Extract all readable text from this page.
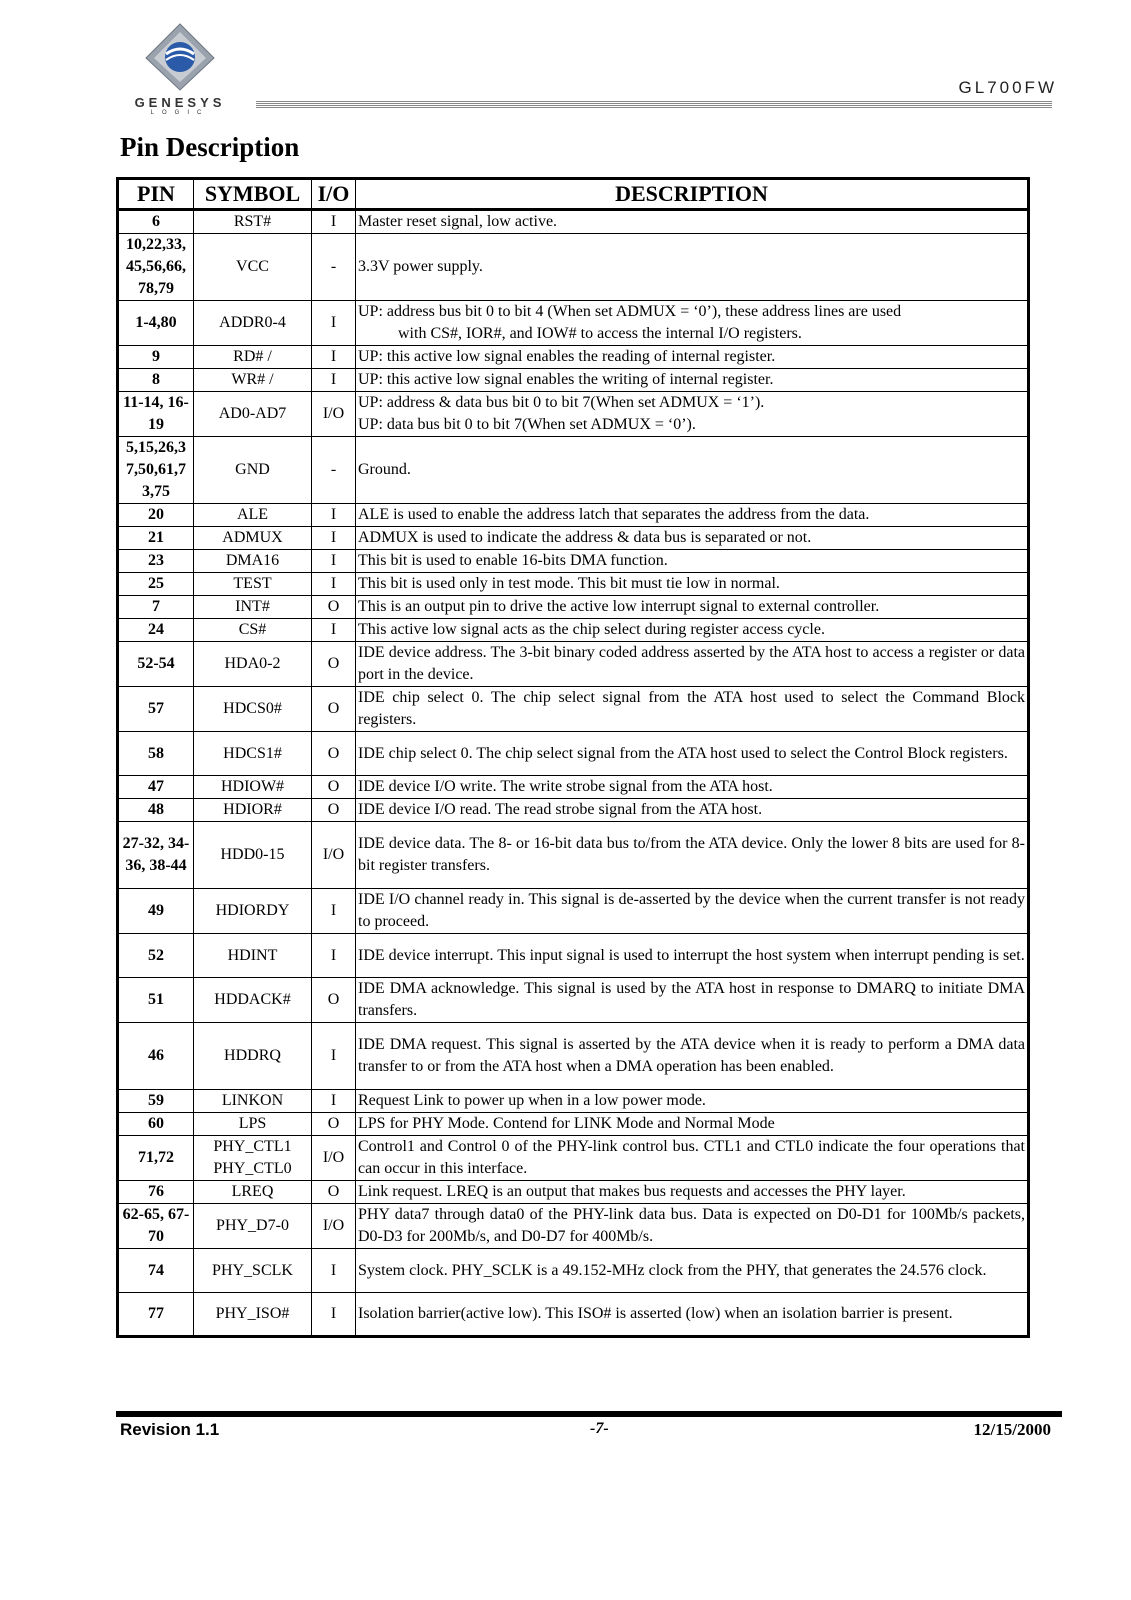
GENESYS
LOGIC
GL700FW
Pin Description
PIN	SYMBOL	I/O	DESCRIPTION
6	RST#	I	Master reset signal, low active.
10,22,33, 45,56,66, 78,79	VCC	-	3.3V power supply.
1-4,80	ADDR0-4	I	UP: address bus bit 0 to bit 4 (When set ADMUX = ‘0’), these address lines are used
with CS#, IOR#, and IOW# to access the internal I/O registers.

9	RD# /	I	UP: this active low signal enables the reading of internal register.
8	WR# /	I	UP: this active low signal enables the writing of internal register.
11-14, 16-19	AD0-AD7	I/O	UP: address & data bus bit 0 to bit 7(When set ADMUX = ‘1’).
UP: data bus bit 0 to bit 7(When set ADMUX = ‘0’).

5,15,26,3 7,50,61,7 3,75	GND	-	Ground.
20	ALE	I	ALE is used to enable the address latch that separates the address from the data.
21	ADMUX	I	ADMUX is used to indicate the address & data bus is separated or not.
23	DMA16	I	This bit is used to enable 16-bits DMA function.
25	TEST	I	This bit is used only in test mode. This bit must tie low in normal.
7	INT#	O	This is an output pin to drive the active low interrupt signal to external controller.
24	CS#	I	This active low signal acts as the chip select during register access cycle.
52-54	HDA0-2	O	IDE device address. The 3-bit binary coded address asserted by the ATA host to access a register or data port in the device.
57	HDCS0#	O	IDE chip select 0. The chip select signal from the ATA host used to select the Command Block registers.
58	HDCS1#	O	IDE chip select 0. The chip select signal from the ATA host used to select the Control Block registers.
47	HDIOW#	O	IDE device I/O write. The write strobe signal from the ATA host.
48	HDIOR#	O	IDE device I/O read. The read strobe signal from the ATA host.
27-32, 34-36, 38-44	HDD0-15	I/O	IDE device data. The 8- or 16-bit data bus to/from the ATA device. Only the lower 8 bits are used for 8-bit register transfers.
49	HDIORDY	I	IDE I/O channel ready in. This signal is de-asserted by the device when the current transfer is not ready to proceed.
52	HDINT	I	IDE device interrupt. This input signal is used to interrupt the host system when interrupt pending is set.
51	HDDACK#	O	IDE DMA acknowledge. This signal is used by the ATA host in response to DMARQ to initiate DMA transfers.
46	HDDRQ	I	IDE DMA request. This signal is asserted by the ATA device when it is ready to perform a DMA data transfer to or from the ATA host when a DMA operation has been enabled.
59	LINKON	I	Request Link to power up when in a low power mode.
60	LPS	O	LPS for PHY Mode. Contend for LINK Mode and Normal Mode
71,72	PHY_CTL1
PHY_CTL0	I/O	Control1 and Control 0 of the PHY-link control bus. CTL1 and CTL0 indicate the four operations that can occur in this interface.
76	LREQ	O	Link request. LREQ is an output that makes bus requests and accesses the PHY layer.
62-65, 67-70	PHY_D7-0	I/O	PHY data7 through data0 of the PHY-link data bus. Data is expected on D0-D1 for 100Mb/s packets, D0-D3 for 200Mb/s, and D0-D7 for 400Mb/s.
74	PHY_SCLK	I	System clock. PHY_SCLK is a 49.152-MHz clock from the PHY, that generates the 24.576 clock.
77	PHY_ISO#	I	Isolation barrier(active low). This ISO# is asserted (low) when an isolation barrier is present.
Revision 1.1	-7-	12/15/2000
